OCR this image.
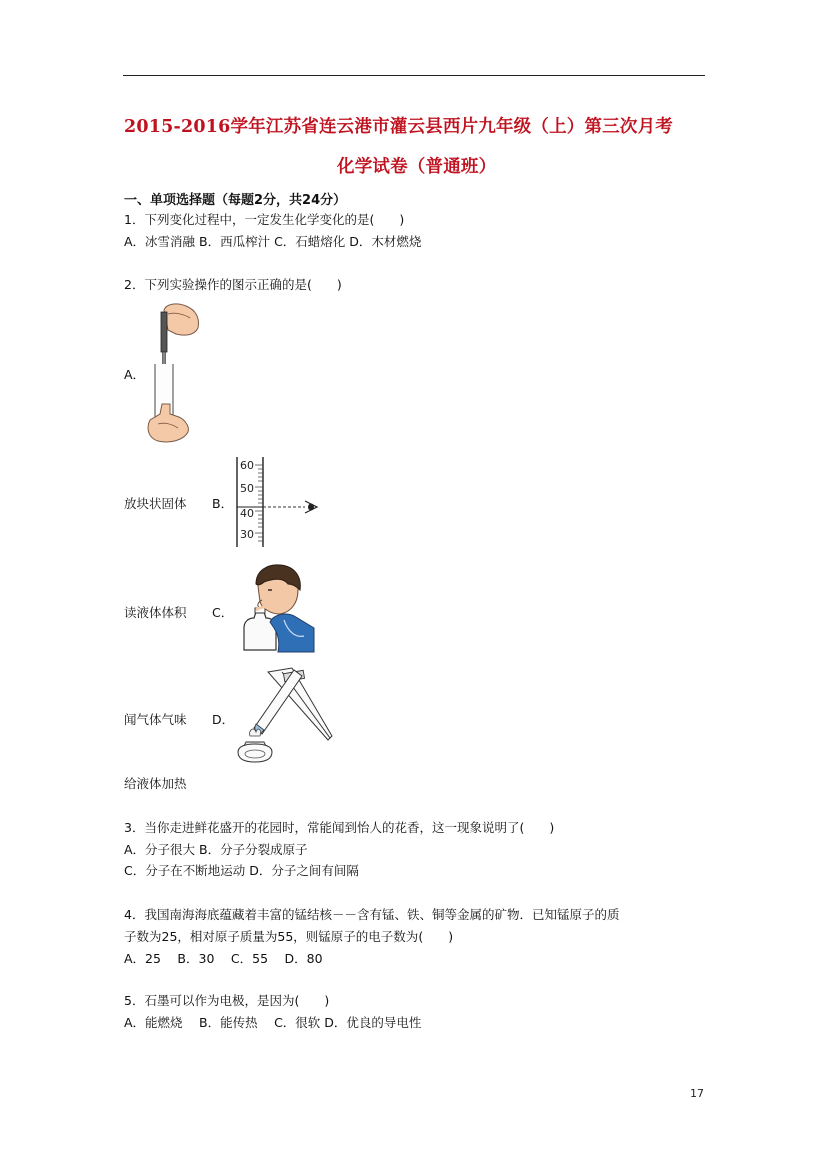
2015-2016学年江苏省连云港市灌云县西片九年级（上）第三次月考
化学试卷（普通班）
一、单项选择题（每题2分，共24分）
1．下列变化过程中，一定发生化学变化的是(　　)
A．冰雪消融 B．西瓜榨汁 C．石蜡熔化 D．木材燃烧
2．下列实验操作的图示正确的是(　　)
A．
放块状固体 B．
60
50
40
30
读液体体积 C．
闻气体气味 D．
给液体加热
3．当你走进鲜花盛开的花园时，常能闻到怡人的花香，这一现象说明了(　　)
A．分子很大 B．分子分裂成原子
C．分子在不断地运动 D．分子之间有间隔
4．我国南海海底蕴藏着丰富的锰结核－－含有锰、铁、铜等金属的矿物．已知锰原子的质
子数为25，相对原子质量为55，则锰原子的电子数为(　　)
A．25　 B．30　 C．55　 D．80
5．石墨可以作为电极，是因为(　　)
A．能燃烧　 B．能传热　 C．很软 D．优良的导电性
17
